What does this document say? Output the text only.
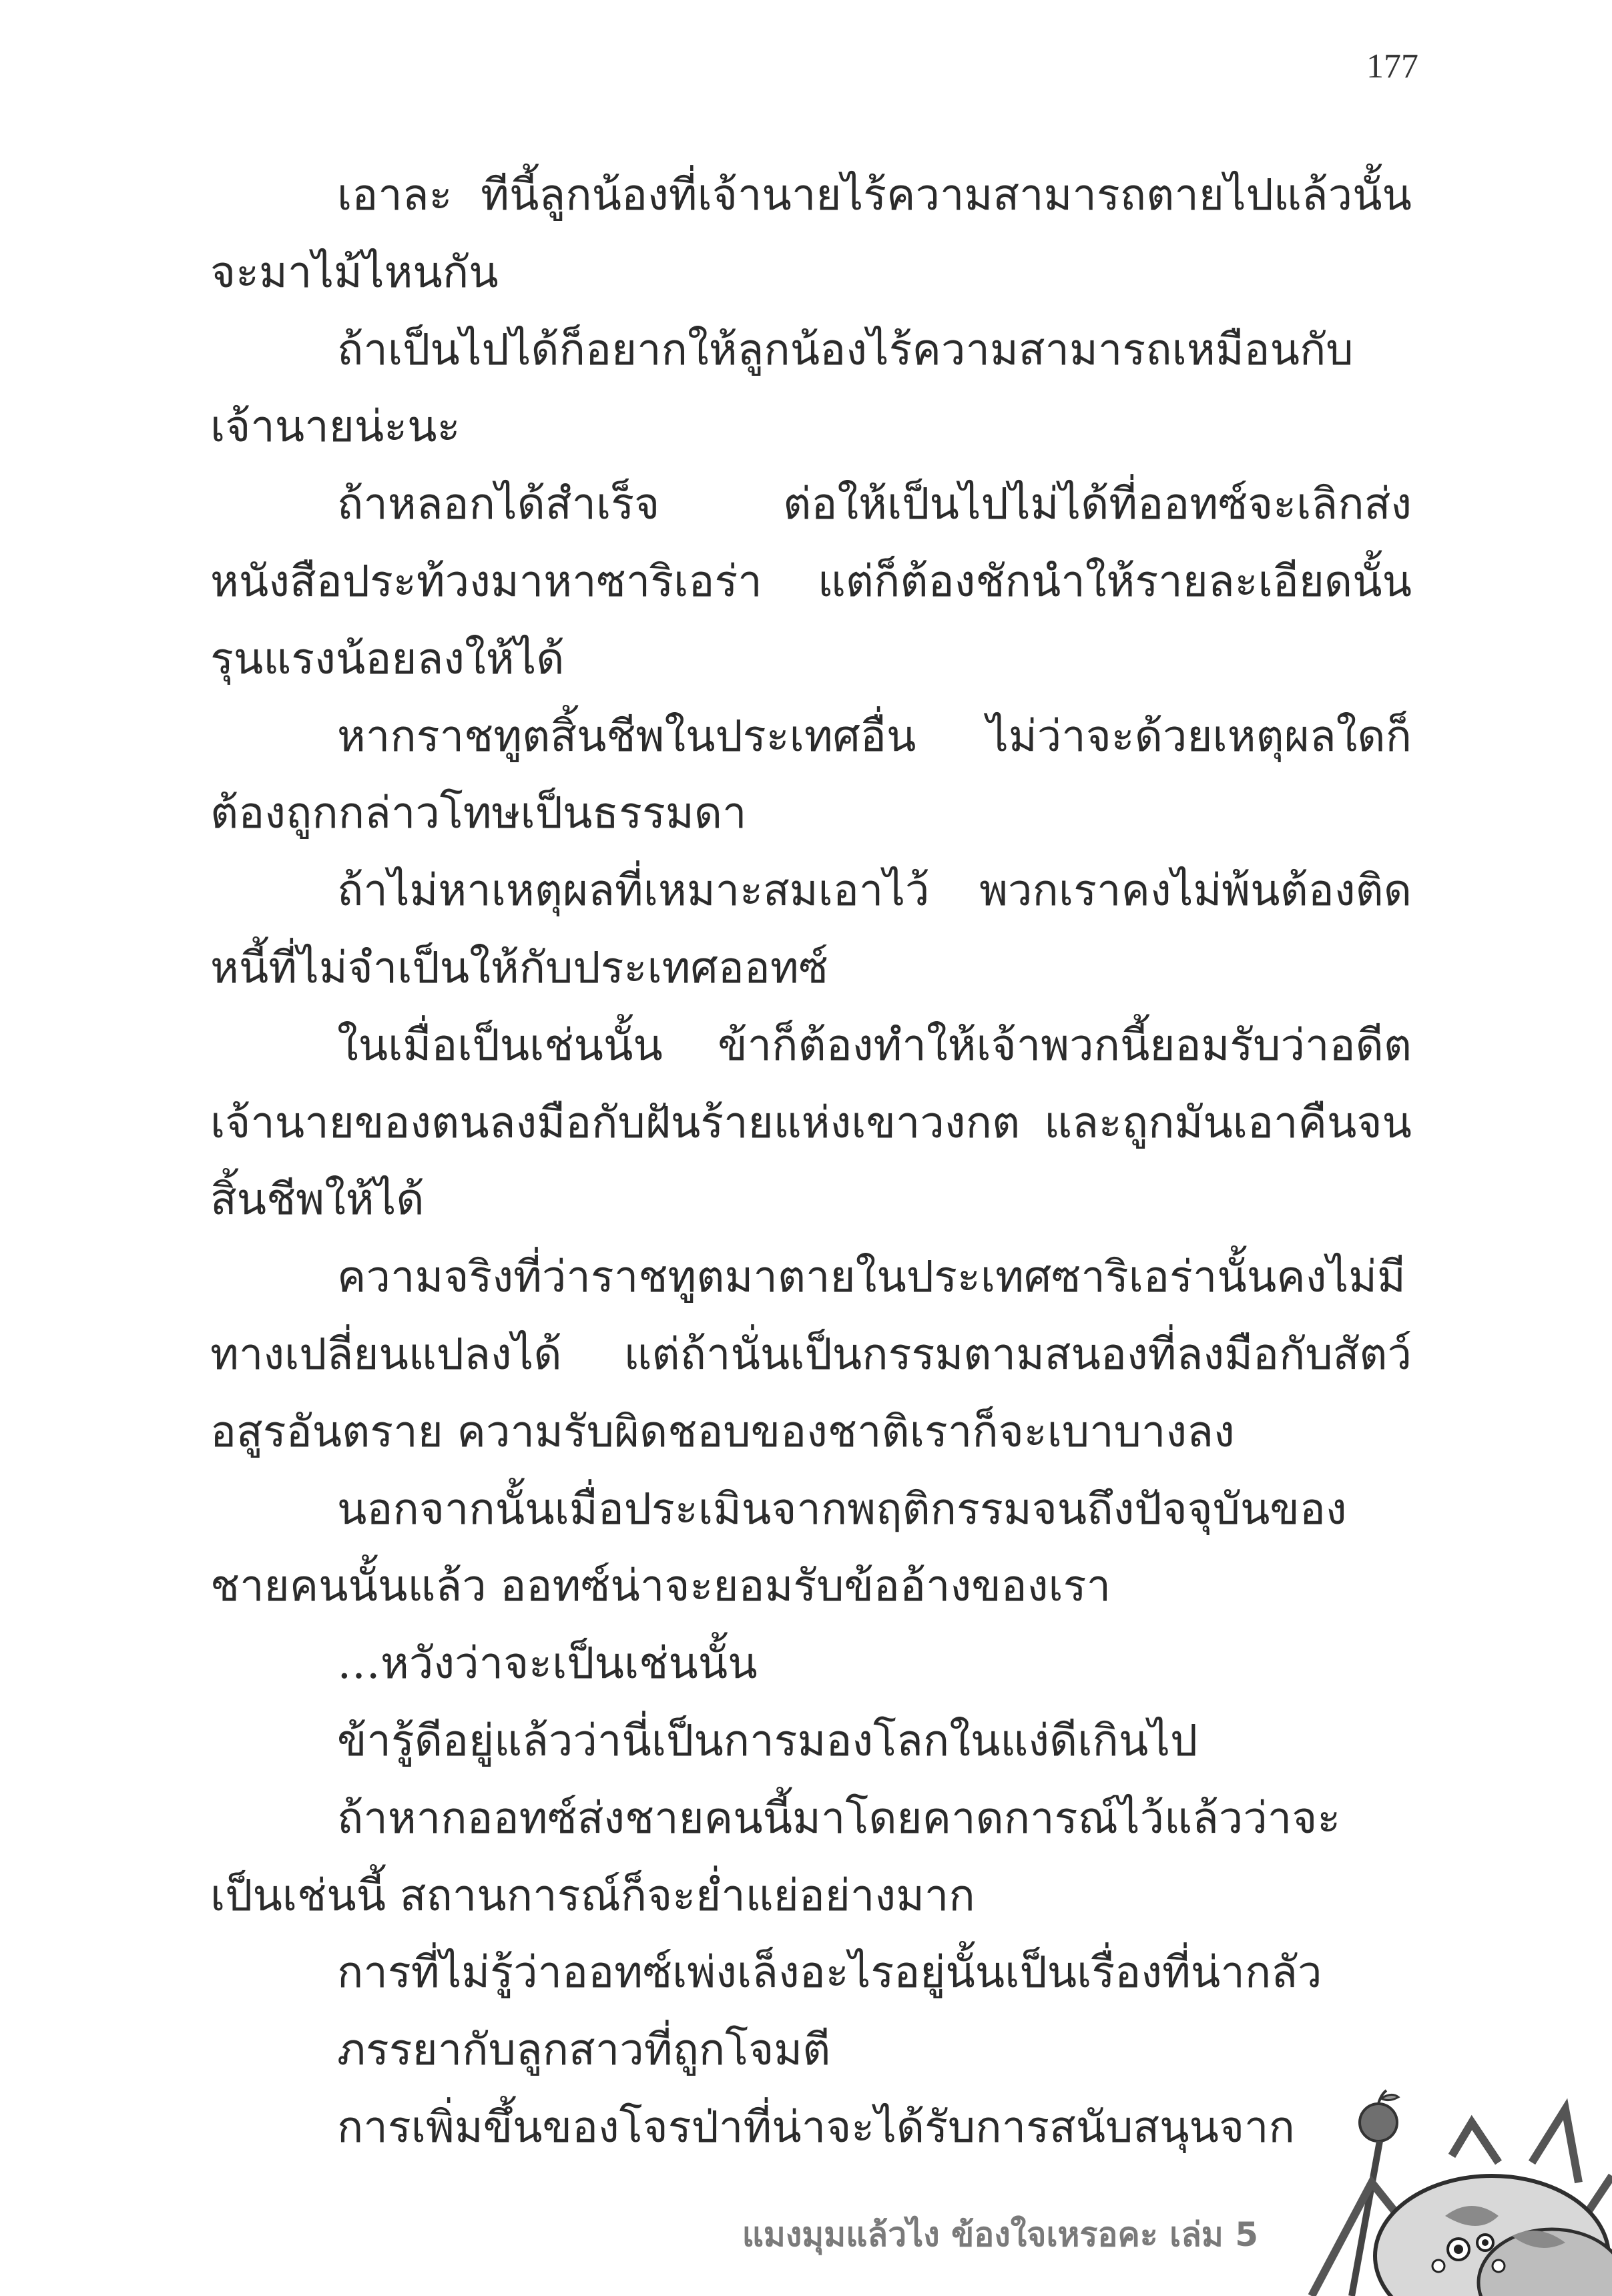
177

เอาละ ทีนี้ลูกน้องที่เจ้านายไร้ความสามารถตายไปแล้วนั้นจะมาไม้ไหนกัน

ถ้าเป็นไปได้ก็อยากให้ลูกน้องไร้ความสามารถเหมือนกับเจ้านายน่ะนะ

ถ้าหลอกได้สำเร็จ ต่อให้เป็นไปไม่ได้ที่ออทซ์จะเลิกส่งหนังสือประท้วงมาหาซาริเอร่า แต่ก็ต้องชักนำให้รายละเอียดนั้นรุนแรงน้อยลงให้ได้

หากราชทูตสิ้นชีพในประเทศอื่น ไม่ว่าจะด้วยเหตุผลใดก็ต้องถูกกล่าวโทษเป็นธรรมดา

ถ้าไม่หาเหตุผลที่เหมาะสมเอาไว้ พวกเราคงไม่พ้นต้องติดหนี้ที่ไม่จำเป็นให้กับประเทศออทซ์

ในเมื่อเป็นเช่นนั้น ข้าก็ต้องทำให้เจ้าพวกนี้ยอมรับว่าอดีตเจ้านายของตนลงมือกับฝันร้ายแห่งเขาวงกต และถูกมันเอาคืนจนสิ้นชีพให้ได้

ความจริงที่ว่าราชทูตมาตายในประเทศซาริเอร่านั้นคงไม่มีทางเปลี่ยนแปลงได้ แต่ถ้านั่นเป็นกรรมตามสนองที่ลงมือกับสัตว์อสูรอันตราย ความรับผิดชอบของชาติเราก็จะเบาบางลง

นอกจากนั้นเมื่อประเมินจากพฤติกรรมจนถึงปัจจุบันของชายคนนั้นแล้ว ออทซ์น่าจะยอมรับข้ออ้างของเรา

…หวังว่าจะเป็นเช่นนั้น

ข้ารู้ดีอยู่แล้วว่านี่เป็นการมองโลกในแง่ดีเกินไป

ถ้าหากออทซ์ส่งชายคนนี้มาโดยคาดการณ์ไว้แล้วว่าจะเป็นเช่นนี้ สถานการณ์ก็จะย่ำแย่อย่างมาก

การที่ไม่รู้ว่าออทซ์เพ่งเล็งอะไรอยู่นั้นเป็นเรื่องที่น่ากลัว

ภรรยากับลูกสาวที่ถูกโจมตี

การเพิ่มขึ้นของโจรป่าที่น่าจะได้รับการสนับสนุนจาก

แมงมุมแล้วไง ข้องใจเหรอคะ เล่ม 5
